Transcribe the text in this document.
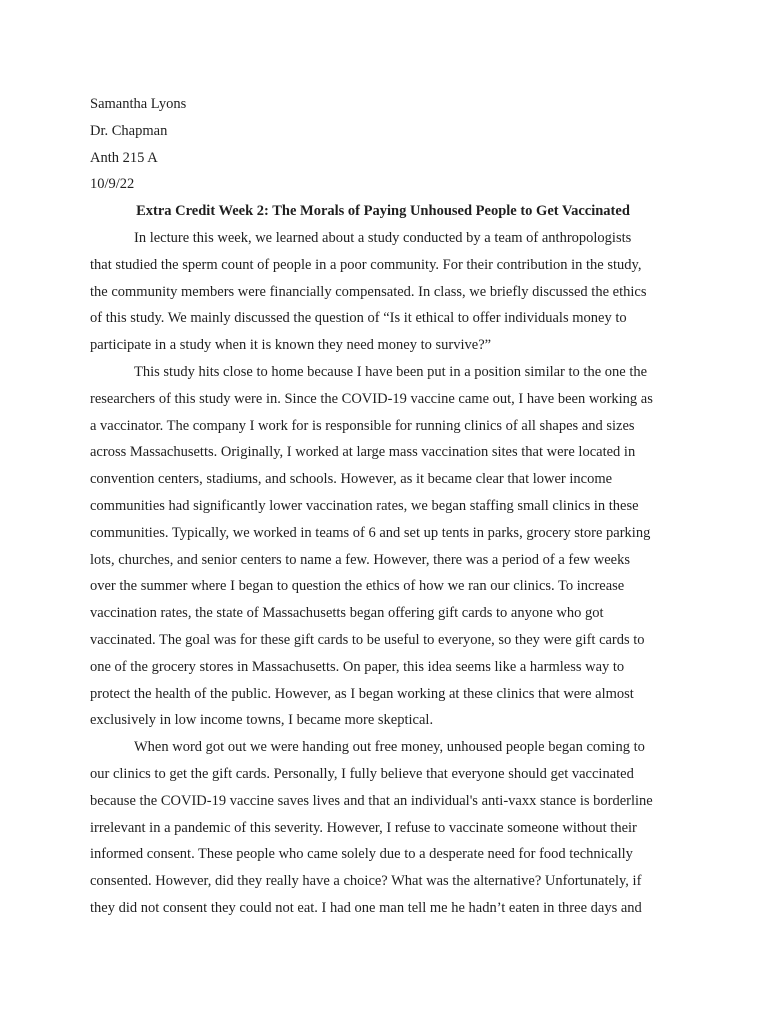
Samantha Lyons

Dr. Chapman

Anth 215 A

10/9/22

Extra Credit Week 2: The Morals of Paying Unhoused People to Get Vaccinated

In lecture this week, we learned about a study conducted by a team of anthropologists
that studied the sperm count of people in a poor community. For their contribution in the study,
the community members were financially compensated. In class, we briefly discussed the ethics
of this study. We mainly discussed the question of “Is it ethical to offer individuals money to
participate in a study when it is known they need money to survive?”

This study hits close to home because I have been put in a position similar to the one the
researchers of this study were in. Since the COVID-19 vaccine came out, I have been working as
a vaccinator. The company I work for is responsible for running clinics of all shapes and sizes
across Massachusetts. Originally, I worked at large mass vaccination sites that were located in
convention centers, stadiums, and schools. However, as it became clear that lower income
communities had significantly lower vaccination rates, we began staffing small clinics in these
communities. Typically, we worked in teams of 6 and set up tents in parks, grocery store parking
lots, churches, and senior centers to name a few. However, there was a period of a few weeks
over the summer where I began to question the ethics of how we ran our clinics. To increase
vaccination rates, the state of Massachusetts began offering gift cards to anyone who got
vaccinated. The goal was for these gift cards to be useful to everyone, so they were gift cards to
one of the grocery stores in Massachusetts. On paper, this idea seems like a harmless way to
protect the health of the public. However, as I began working at these clinics that were almost
exclusively in low income towns, I became more skeptical.

When word got out we were handing out free money, unhoused people began coming to
our clinics to get the gift cards. Personally, I fully believe that everyone should get vaccinated
because the COVID-19 vaccine saves lives and that an individual's anti-vaxx stance is borderline
irrelevant in a pandemic of this severity. However, I refuse to vaccinate someone without their
informed consent. These people who came solely due to a desperate need for food technically
consented. However, did they really have a choice? What was the alternative? Unfortunately, if
they did not consent they could not eat. I had one man tell me he hadn’t eaten in three days and
